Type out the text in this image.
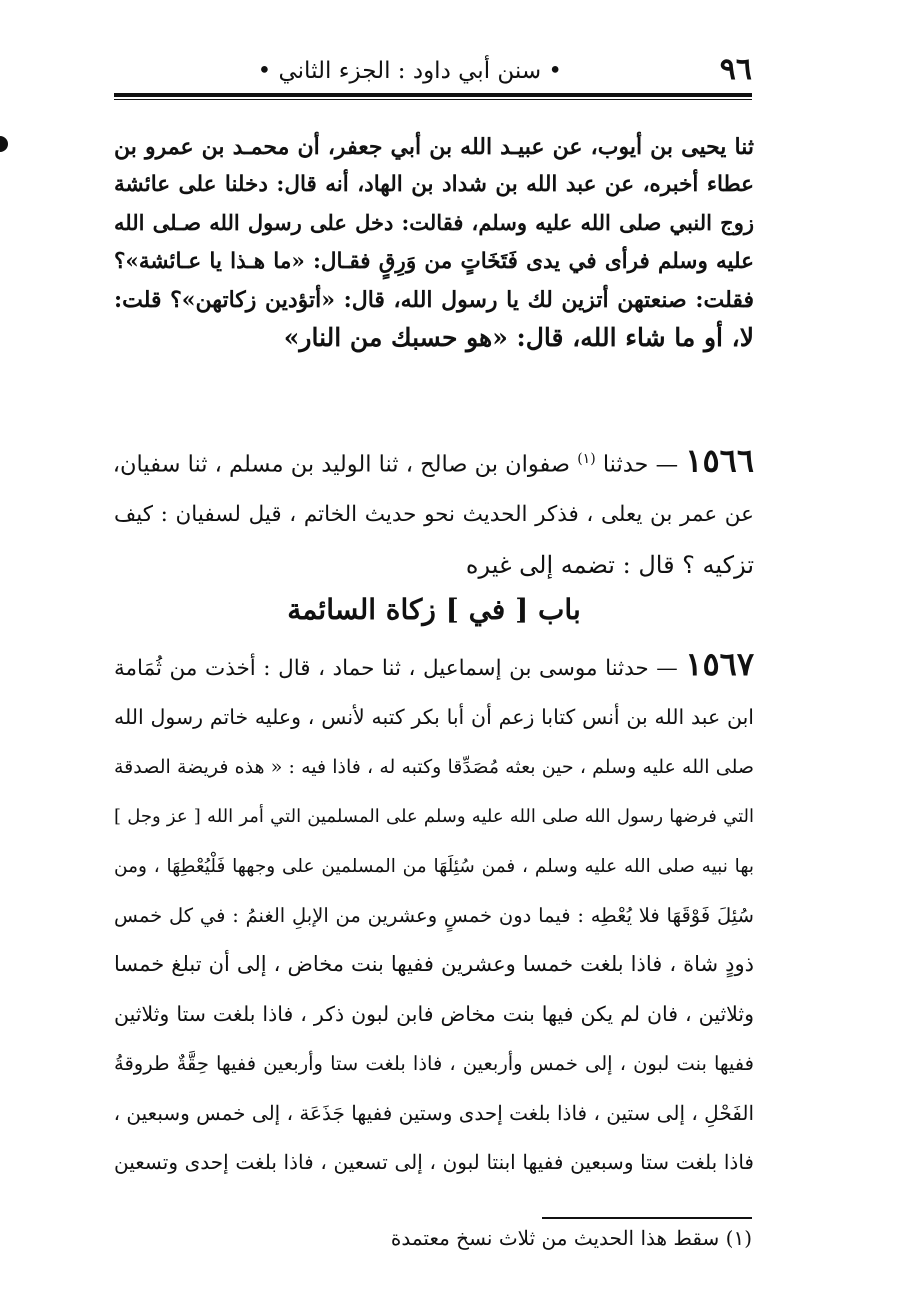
٩٦
• سنن أبي داود : الجزء الثاني •
ثنا يحيى بن أيوب، عن عبيـد الله بن أبي جعفر، أن محمـد بن عمرو بن
عطاء أخبره، عن عبد الله بن شداد بن الهاد، أنه قال: دخلنا على عائشة
زوج النبي صلى الله عليه وسلم، فقالت: دخل على رسول الله صـلى الله
عليه وسلم فرأى في يدى فَتَخَاتٍ من وَرِقٍ فقـال: «ما هـذا يا عـائشة»؟
فقلت: صنعتهن أتزين لك يا رسول الله، قال: «أتؤدين زكاتهن»؟ قلت:
لا، أو ما شاء الله، قال: «هو حسبك من النار»
١٥٦٦ — حدثنا $^{(١)}$ صفوان بن صالح ، ثنا الوليد بن مسلم ، ثنا سفيان،
عن عمر بن يعلى ، فذكر الحديث نحو حديث الخاتم ، قيل لسفيان : كيف
تزكيه ؟ قال : تضمه إلى غيره
باب [ في ] زكاة السائمة
١٥٦٧ — حدثنا موسى بن إسماعيل ، ثنا حماد ، قال : أخذت من ثُمَامة
ابن عبد الله بن أنس كتابا زعم أن أبا بكر كتبه لأنس ، وعليه خاتم رسول الله
صلى الله عليه وسلم ، حين بعثه مُصَدِّقا وكتبه له ، فاذا فيه : « هذه فريضة الصدقة
التي فرضها رسول الله صلى الله عليه وسلم على المسلمين التي أمر الله [ عز وجل ]
بها نبيه صلى الله عليه وسلم ، فمن سُئِلَهَا من المسلمين على وجهها فَلْيُعْطِهَا ، ومن
سُئِلَ فَوْقَهَا فلا يُعْطِه : فيما دون خمسٍ وعشرين من الإبلِ الغنمُ : في كل خمس
ذودٍ شاة ، فاذا بلغت خمسا وعشرين ففيها بنت مخاض ، إلى أن تبلغ خمسا
وثلاثين ، فان لم يكن فيها بنت مخاض فابن لبون ذكر ، فاذا بلغت ستا وثلاثين
ففيها بنت لبون ، إلى خمس وأربعين ، فاذا بلغت ستا وأربعين ففيها حِقَّةٌ طروقةُ
الفَحْلِ ، إلى ستين ، فاذا بلغت إحدى وستين ففيها جَذَعَة ، إلى خمس وسبعين ،
فاذا بلغت ستا وسبعين ففيها ابنتا لبون ، إلى تسعين ، فاذا بلغت إحدى وتسعين
(١) سقط هذا الحديث من ثلاث نسخ معتمدة
